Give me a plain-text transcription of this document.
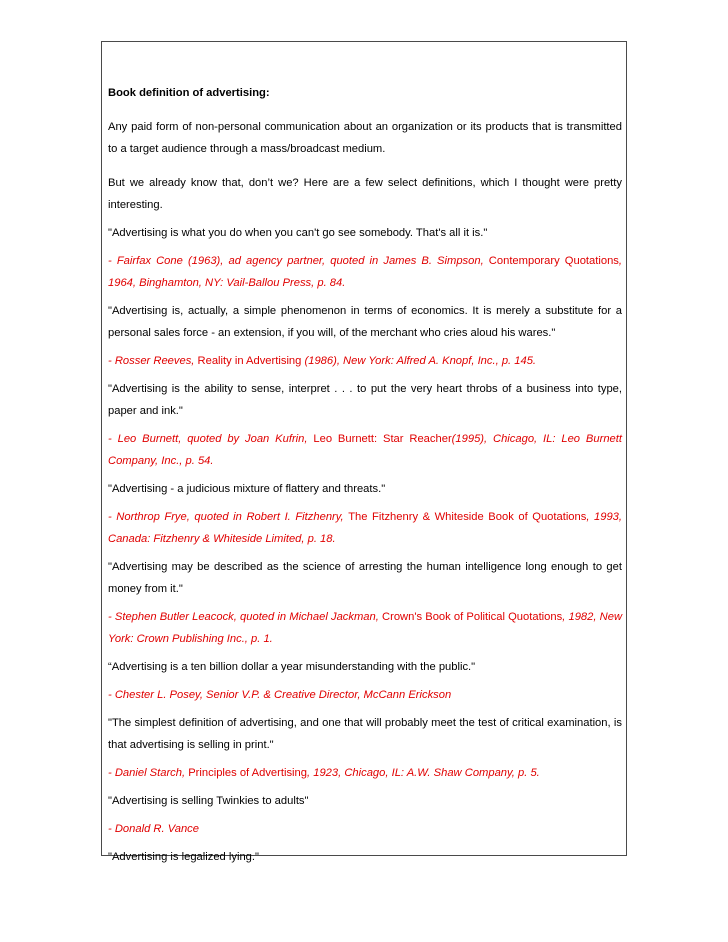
Book definition of advertising:

Any paid form of non-personal communication about an organization or its products that is transmitted to a target audience through a mass/broadcast medium.

But we already know that, don’t we? Here are a few select definitions, which I thought were pretty interesting.

"Advertising is what you do when you can't go see somebody. That's all it is."

- Fairfax Cone (1963), ad agency partner, quoted in James B. Simpson, Contemporary Quotations, 1964, Binghamton, NY: Vail-Ballou Press, p. 84.

"Advertising is, actually, a simple phenomenon in terms of economics. It is merely a substitute for a personal sales force - an extension, if you will, of the merchant who cries aloud his wares."

- Rosser Reeves, Reality in Advertising (1986), New York: Alfred A. Knopf, Inc., p. 145.

"Advertising is the ability to sense, interpret . . . to put the very heart throbs of a business into type, paper and ink."

- Leo Burnett, quoted by Joan Kufrin, Leo Burnett: Star Reacher(1995), Chicago, IL: Leo Burnett Company, Inc., p. 54.

"Advertising - a judicious mixture of flattery and threats."

- Northrop Frye, quoted in Robert I. Fitzhenry, The Fitzhenry & Whiteside Book of Quotations, 1993, Canada: Fitzhenry & Whiteside Limited, p. 18.

"Advertising may be described as the science of arresting the human intelligence long enough to get money from it."

- Stephen Butler Leacock, quoted in Michael Jackman, Crown's Book of Political Quotations, 1982, New York: Crown Publishing Inc., p. 1.

“Advertising is a ten billion dollar a year misunderstanding with the public."

- Chester L. Posey, Senior V.P. & Creative Director, McCann Erickson

"The simplest definition of advertising, and one that will probably meet the test of critical examination, is that advertising is selling in print."

- Daniel Starch, Principles of Advertising, 1923, Chicago, IL: A.W. Shaw Company, p. 5.

"Advertising is selling Twinkies to adults"

- Donald R. Vance

"Advertising is legalized lying."
